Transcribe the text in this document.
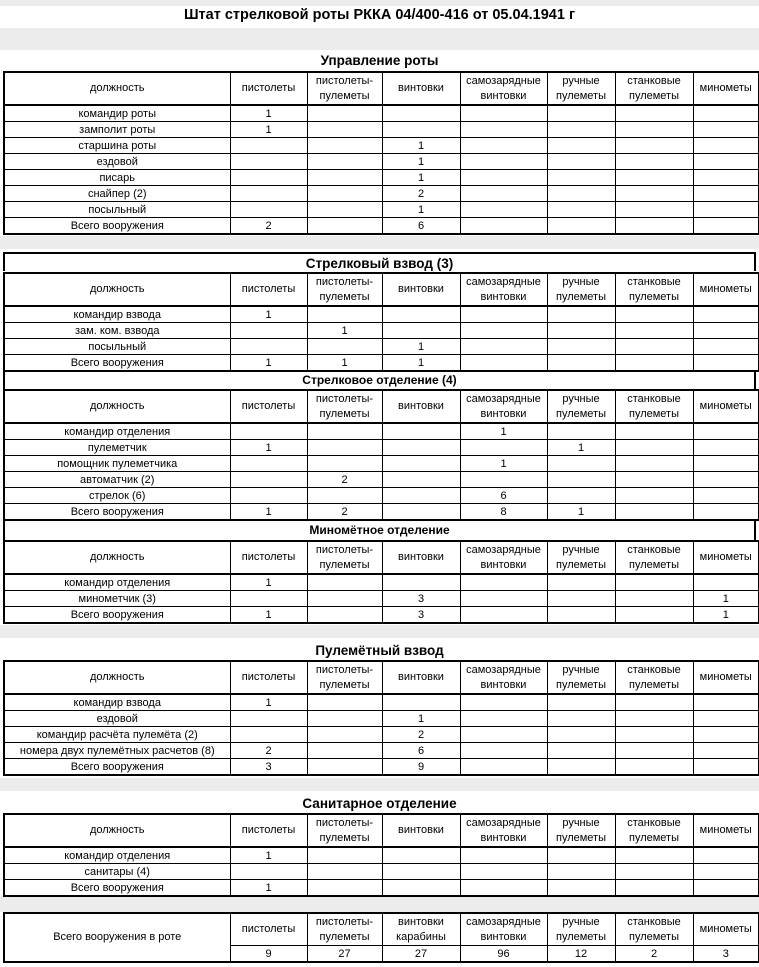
Штат стрелковой роты РККА 04/400-416 от 05.04.1941 г
Управление роты
Стрелковый взвод (3)
Стрелковое отделение (4)
Миномётное отделение
Пулемётный взвод
Санитарное отделение
должность	пистолеты	пистолеты-пулеметы	винтовки	самозарядные винтовки	ручные пулеметы	станковые пулеметы	минометы
командир роты	1						
замполит роты	1						
старшина роты			1				
ездовой			1				
писарь			1				
снайпер (2)			2				
посыльный			1				
Всего вооружения	2		6				
должность	пистолеты	пистолеты-пулеметы	винтовки	самозарядные винтовки	ручные пулеметы	станковые пулеметы	минометы
командир взвода	1						
зам. ком. взвода		1					
посыльный			1				
Всего вооружения	1	1	1				
должность	пистолеты	пистолеты-пулеметы	винтовки	самозарядные винтовки	ручные пулеметы	станковые пулеметы	минометы
командир отделения				1			
пулеметчик	1				1		
помощник пулеметчика				1			
автоматчик (2)		2					
стрелок (6)				6			
Всего вооружения	1	2		8	1		
должность	пистолеты	пистолеты-пулеметы	винтовки	самозарядные винтовки	ручные пулеметы	станковые пулеметы	минометы
командир отделения	1						
минометчик (3)			3				1
Всего вооружения	1		3				1
должность	пистолеты	пистолеты-пулеметы	винтовки	самозарядные винтовки	ручные пулеметы	станковые пулеметы	минометы
командир взвода	1						
ездовой			1				
командир расчёта пулемёта (2)			2				
номера двух пулемётных расчетов (8)	2		6				
Всего вооружения	3		9				
должность	пистолеты	пистолеты-пулеметы	винтовки	самозарядные винтовки	ручные пулеметы	станковые пулеметы	минометы
командир отделения	1						
санитары (4)							
Всего вооружения	1						
Всего вооружения в роте	пистолеты	пистолеты-пулеметы	винтовки карабины	самозарядные винтовки	ручные пулеметы	станковые пулеметы	минометы
	9	27	27	96	12	2	3
